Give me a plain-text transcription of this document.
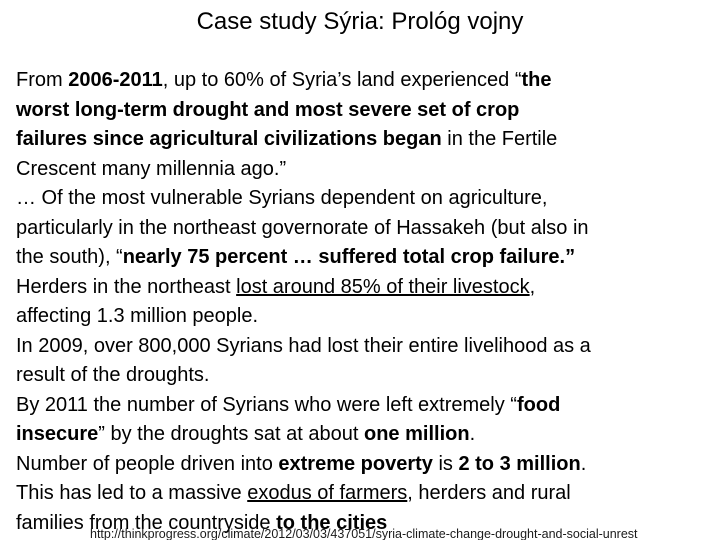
Case study Sýria: Prológ vojny
From 2006-2011, up to 60% of Syria’s land experienced “the
worst long-term drought and most severe set of crop
failures since agricultural civilizations began in the Fertile
Crescent many millennia ago.”
… Of the most vulnerable Syrians dependent on agriculture,
particularly in the northeast governorate of Hassakeh (but also in
the south), “nearly 75 percent … suffered total crop failure.”
Herders in the northeast lost around 85% of their livestock,
affecting 1.3 million people.
In 2009, over 800,000 Syrians had lost their entire livelihood as a
result of the droughts.
By 2011 the number of Syrians who were left extremely “food
insecure” by the droughts sat at about one million.
Number of people driven into extreme poverty is 2 to 3 million.
This has led to a massive exodus of farmers, herders and rural
families from the countryside to the cities
http://thinkprogress.org/climate/2012/03/03/437051/syria-climate-change-drought-and-social-unrest
